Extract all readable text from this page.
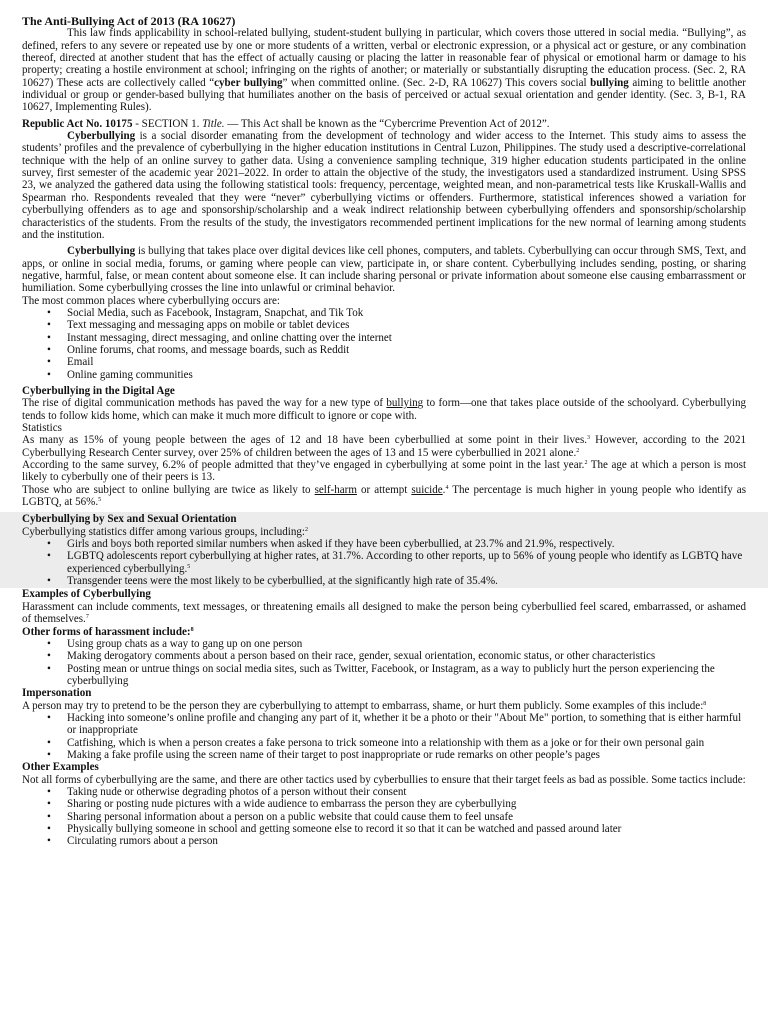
The Anti-Bullying Act of 2013 (RA 10627)

This law finds applicability in school-related bullying, student-student bullying in particular, which covers those uttered in social media. “Bullying”, as defined, refers to any severe or repeated use by one or more students of a written, verbal or electronic expression, or a physical act or gesture, or any combination thereof, directed at another student that has the effect of actually causing or placing the latter in reasonable fear of physical or emotional harm or damage to his property; creating a hostile environment at school; infringing on the rights of another; or materially or substantially disrupting the education process. (Sec. 2, RA 10627) These acts are collectively called “cyber bullying” when committed online. (Sec. 2-D, RA 10627) This covers social bullying aiming to belittle another individual or group or gender-based bullying that humiliates another on the basis of perceived or actual sexual orientation and gender identity. (Sec. 3, B-1, RA 10627, Implementing Rules).

Republic Act No. 10175 - SECTION 1. Title. — This Act shall be known as the “Cybercrime Prevention Act of 2012”.

Cyberbullying is a social disorder emanating from the development of technology and wider access to the Internet. This study aims to assess the students’ profiles and the prevalence of cyberbullying in the higher education institutions in Central Luzon, Philippines. The study used a descriptive-correlational technique with the help of an online survey to gather data. Using a convenience sampling technique, 319 higher education students participated in the online survey, first semester of the academic year 2021–2022. In order to attain the objective of the study, the investigators used a standardized instrument. Using SPSS 23, we analyzed the gathered data using the following statistical tools: frequency, percentage, weighted mean, and non-parametrical tests like Kruskall-Wallis and Spearman rho. Respondents revealed that they were “never” cyberbullying victims or offenders. Furthermore, statistical inferences showed a variation for cyberbullying offenders as to age and sponsorship/scholarship and a weak indirect relationship between cyberbullying offenders and sponsorship/scholarship characteristics of the students. From the results of the study, the investigators recommended pertinent implications for the new normal of learning among students and the institution.

Cyberbullying is bullying that takes place over digital devices like cell phones, computers, and tablets. Cyberbullying can occur through SMS, Text, and apps, or online in social media, forums, or gaming where people can view, participate in, or share content. Cyberbullying includes sending, posting, or sharing negative, harmful, false, or mean content about someone else. It can include sharing personal or private information about someone else causing embarrassment or humiliation. Some cyberbullying crosses the line into unlawful or criminal behavior.

The most common places where cyberbullying occurs are:

• Social Media, such as Facebook, Instagram, Snapchat, and Tik Tok
• Text messaging and messaging apps on mobile or tablet devices
• Instant messaging, direct messaging, and online chatting over the internet
• Online forums, chat rooms, and message boards, such as Reddit
• Email
• Online gaming communities

Cyberbullying in the Digital Age

The rise of digital communication methods has paved the way for a new type of bullying to form—one that takes place outside of the schoolyard. Cyberbullying tends to follow kids home, which can make it much more difficult to ignore or cope with.

Statistics

As many as 15% of young people between the ages of 12 and 18 have been cyberbullied at some point in their lives.$^3$ However, according to the 2021 Cyberbullying Research Center survey, over 25% of children between the ages of 13 and 15 were cyberbullied in 2021 alone.$^2$

According to the same survey, 6.2% of people admitted that they’ve engaged in cyberbullying at some point in the last year.$^2$ The age at which a person is most likely to cyberbully one of their peers is 13.

Those who are subject to online bullying are twice as likely to self-harm or attempt suicide.$^4$ The percentage is much higher in young people who identify as LGBTQ, at 56%.$^5$

Cyberbullying by Sex and Sexual Orientation

Cyberbullying statistics differ among various groups, including:$^2$

• Girls and boys both reported similar numbers when asked if they have been cyberbullied, at 23.7% and 21.9%, respectively.
• LGBTQ adolescents report cyberbullying at higher rates, at 31.7%. According to other reports, up to 56% of young people who identify as LGBTQ have experienced cyberbullying.$^5$
• Transgender teens were the most likely to be cyberbullied, at the significantly high rate of 35.4%.

Examples of Cyberbullying

Harassment can include comments, text messages, or threatening emails all designed to make the person being cyberbullied feel scared, embarrassed, or ashamed of themselves.$^7$

Other forms of harassment include:$^8$

• Using group chats as a way to gang up on one person
• Making derogatory comments about a person based on their race, gender, sexual orientation, economic status, or other characteristics
• Posting mean or untrue things on social media sites, such as Twitter, Facebook, or Instagram, as a way to publicly hurt the person experiencing the cyberbullying

Impersonation

A person may try to pretend to be the person they are cyberbullying to attempt to embarrass, shame, or hurt them publicly. Some examples of this include:$^8$

• Hacking into someone’s online profile and changing any part of it, whether it be a photo or their "About Me" portion, to something that is either harmful or inappropriate
• Catfishing, which is when a person creates a fake persona to trick someone into a relationship with them as a joke or for their own personal gain
• Making a fake profile using the screen name of their target to post inappropriate or rude remarks on other people’s pages

Other Examples

Not all forms of cyberbullying are the same, and there are other tactics used by cyberbullies to ensure that their target feels as bad as possible. Some tactics include:

• Taking nude or otherwise degrading photos of a person without their consent
• Sharing or posting nude pictures with a wide audience to embarrass the person they are cyberbullying
• Sharing personal information about a person on a public website that could cause them to feel unsafe
• Physically bullying someone in school and getting someone else to record it so that it can be watched and passed around later
• Circulating rumors about a person
